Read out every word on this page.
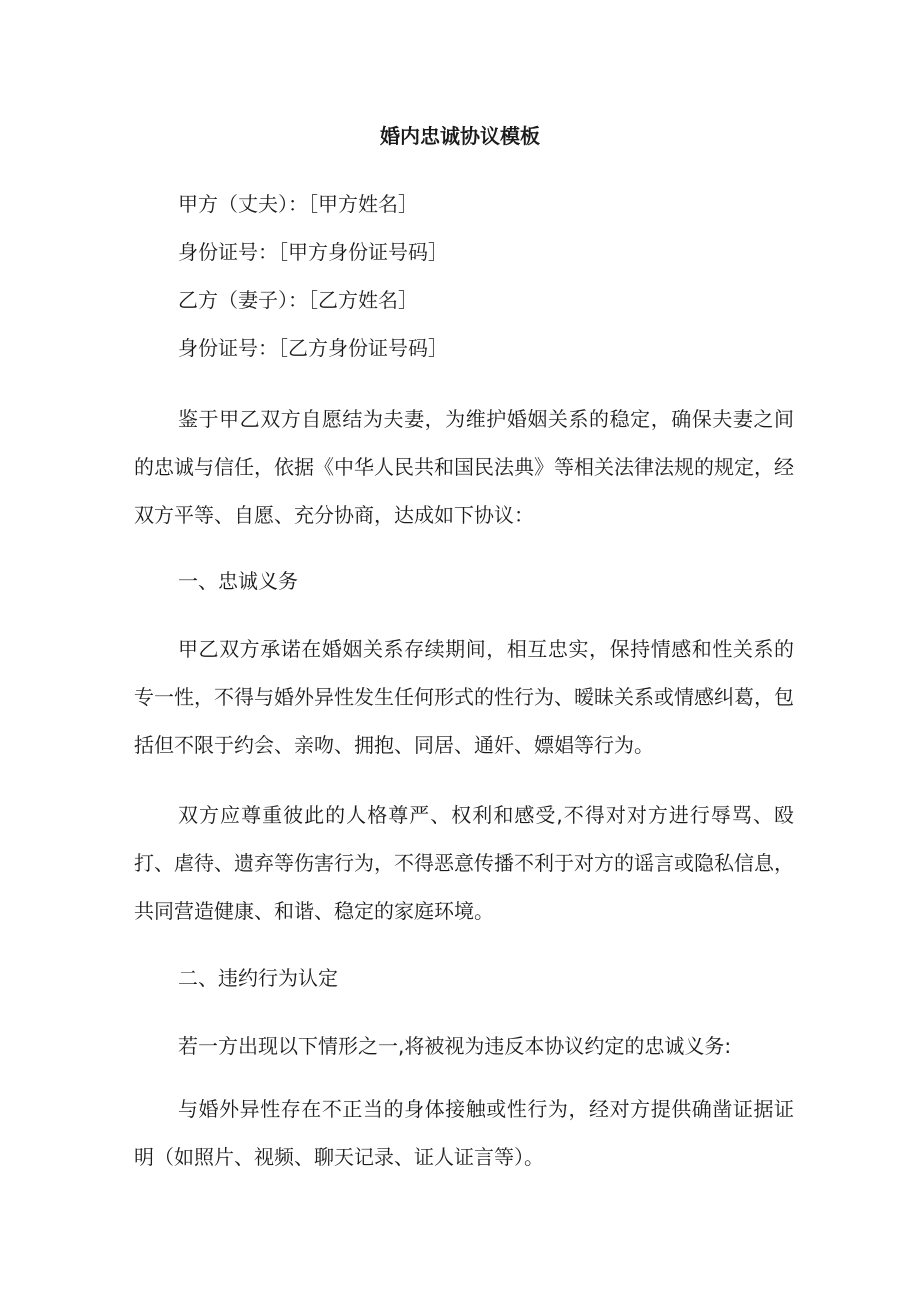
婚内忠诚协议模板
甲方（丈夫）：［甲方姓名］
身份证号：［甲方身份证号码］
乙方（妻子）：［乙方姓名］
身份证号：［乙方身份证号码］
鉴于甲乙双方自愿结为夫妻，为维护婚姻关系的稳定，确保夫妻之间的忠诚与信任，依据《中华人民共和国民法典》等相关法律法规的规定，经双方平等、自愿、充分协商，达成如下协议：
一、忠诚义务
甲乙双方承诺在婚姻关系存续期间，相互忠实，保持情感和性关系的专一性，不得与婚外异性发生任何形式的性行为、暧昧关系或情感纠葛，包括但不限于约会、亲吻、拥抱、同居、通奸、嫖娼等行为。
双方应尊重彼此的人格尊严、权利和感受,不得对对方进行辱骂、殴打、虐待、遗弃等伤害行为，不得恶意传播不利于对方的谣言或隐私信息，共同营造健康、和谐、稳定的家庭环境。
二、违约行为认定
若一方出现以下情形之一,将被视为违反本协议约定的忠诚义务:
与婚外异性存在不正当的身体接触或性行为，经对方提供确凿证据证明（如照片、视频、聊天记录、证人证言等）。
